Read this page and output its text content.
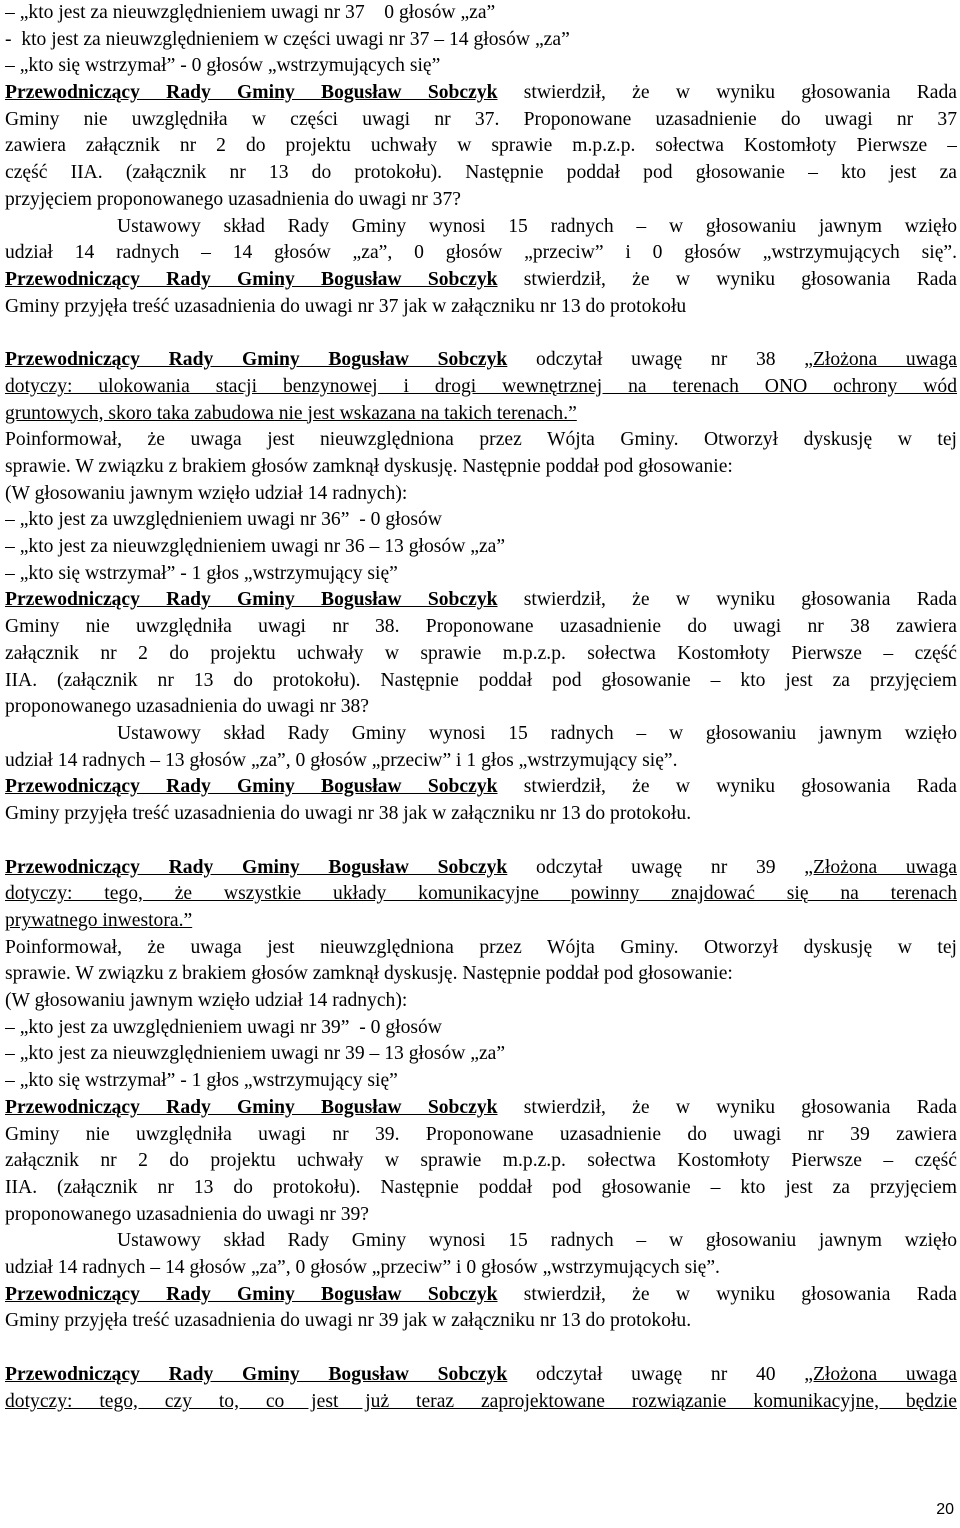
– „kto jest za nieuwzględnieniem uwagi nr 37    0 głosów „za”
-  kto jest za nieuwzględnieniem w części uwagi nr 37 – 14 głosów „za”
– „kto się wstrzymał” - 0 głosów „wstrzymujących się”
Przewodniczący Rady Gminy Bogusław Sobczyk stwierdził, że w wyniku głosowania Rada
Gminy nie uwzględniła w części uwagi nr 37. Proponowane uzasadnienie do uwagi nr 37
zawiera załącznik nr 2 do projektu uchwały w sprawie m.p.z.p. sołectwa Kostomłoty Pierwsze –
część IIA. (załącznik nr 13 do protokołu). Następnie poddał pod głosowanie – kto jest za
przyjęciem proponowanego uzasadnienia do uwagi nr 37?
Ustawowy skład Rady Gminy wynosi 15 radnych – w głosowaniu jawnym wzięło
udział 14 radnych – 14 głosów „za”, 0 głosów „przeciw” i 0 głosów „wstrzymujących się”.
Przewodniczący Rady Gminy Bogusław Sobczyk stwierdził, że w wyniku głosowania Rada
Gminy przyjęła treść uzasadnienia do uwagi nr 37 jak w załączniku nr 13 do protokołu
Przewodniczący Rady Gminy Bogusław Sobczyk odczytał uwagę nr 38 „Złożona uwaga
dotyczy: ulokowania stacji benzynowej i drogi wewnętrznej na terenach ONO ochrony wód
gruntowych, skoro taka zabudowa nie jest wskazana na takich terenach.”
Poinformował, że uwaga jest nieuwzględniona przez Wójta Gminy. Otworzył dyskusję w tej
sprawie. W związku z brakiem głosów zamknął dyskusję. Następnie poddał pod głosowanie:
(W głosowaniu jawnym wzięło udział 14 radnych):
– „kto jest za uwzględnieniem uwagi nr 36”  - 0 głosów
– „kto jest za nieuwzględnieniem uwagi nr 36 – 13 głosów „za”
– „kto się wstrzymał” - 1 głos „wstrzymujący się”
Przewodniczący Rady Gminy Bogusław Sobczyk stwierdził, że w wyniku głosowania Rada
Gminy nie uwzględniła uwagi nr 38. Proponowane uzasadnienie do uwagi nr 38 zawiera
załącznik nr 2 do projektu uchwały w sprawie m.p.z.p. sołectwa Kostomłoty Pierwsze – część
IIA. (załącznik nr 13 do protokołu). Następnie poddał pod głosowanie – kto jest za przyjęciem
proponowanego uzasadnienia do uwagi nr 38?
Ustawowy skład Rady Gminy wynosi 15 radnych – w głosowaniu jawnym wzięło
udział 14 radnych – 13 głosów „za”, 0 głosów „przeciw” i 1 głos „wstrzymujący się”.
Przewodniczący Rady Gminy Bogusław Sobczyk stwierdził, że w wyniku głosowania Rada
Gminy przyjęła treść uzasadnienia do uwagi nr 38 jak w załączniku nr 13 do protokołu.
Przewodniczący Rady Gminy Bogusław Sobczyk odczytał uwagę nr 39 „Złożona uwaga
dotyczy: tego, że wszystkie układy komunikacyjne powinny znajdować się na terenach
prywatnego inwestora.”
Poinformował, że uwaga jest nieuwzględniona przez Wójta Gminy. Otworzył dyskusję w tej
sprawie. W związku z brakiem głosów zamknął dyskusję. Następnie poddał pod głosowanie:
(W głosowaniu jawnym wzięło udział 14 radnych):
– „kto jest za uwzględnieniem uwagi nr 39”  - 0 głosów
– „kto jest za nieuwzględnieniem uwagi nr 39 – 13 głosów „za”
– „kto się wstrzymał” - 1 głos „wstrzymujący się”
Przewodniczący Rady Gminy Bogusław Sobczyk stwierdził, że w wyniku głosowania Rada
Gminy nie uwzględniła uwagi nr 39. Proponowane uzasadnienie do uwagi nr 39 zawiera
załącznik nr 2 do projektu uchwały w sprawie m.p.z.p. sołectwa Kostomłoty Pierwsze – część
IIA. (załącznik nr 13 do protokołu). Następnie poddał pod głosowanie – kto jest za przyjęciem
proponowanego uzasadnienia do uwagi nr 39?
Ustawowy skład Rady Gminy wynosi 15 radnych – w głosowaniu jawnym wzięło
udział 14 radnych – 14 głosów „za”, 0 głosów „przeciw” i 0 głosów „wstrzymujących się”.
Przewodniczący Rady Gminy Bogusław Sobczyk stwierdził, że w wyniku głosowania Rada
Gminy przyjęła treść uzasadnienia do uwagi nr 39 jak w załączniku nr 13 do protokołu.
Przewodniczący Rady Gminy Bogusław Sobczyk odczytał uwagę nr 40 „Złożona uwaga
dotyczy: tego, czy to, co jest już teraz zaprojektowane rozwiązanie komunikacyjne, będzie
20
